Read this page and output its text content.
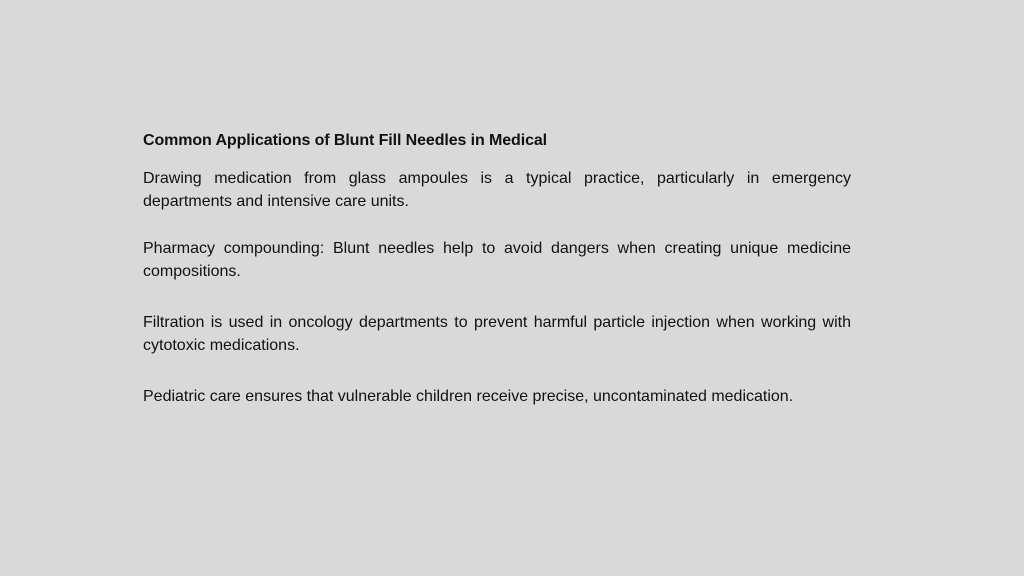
Common Applications of Blunt Fill Needles in Medical

Drawing medication from glass ampoules is a typical practice, particularly in emergency departments and intensive care units.

Pharmacy compounding: Blunt needles help to avoid dangers when creating unique medicine compositions.

Filtration is used in oncology departments to prevent harmful particle injection when working with cytotoxic medications.

Pediatric care ensures that vulnerable children receive precise, uncontaminated medication.
